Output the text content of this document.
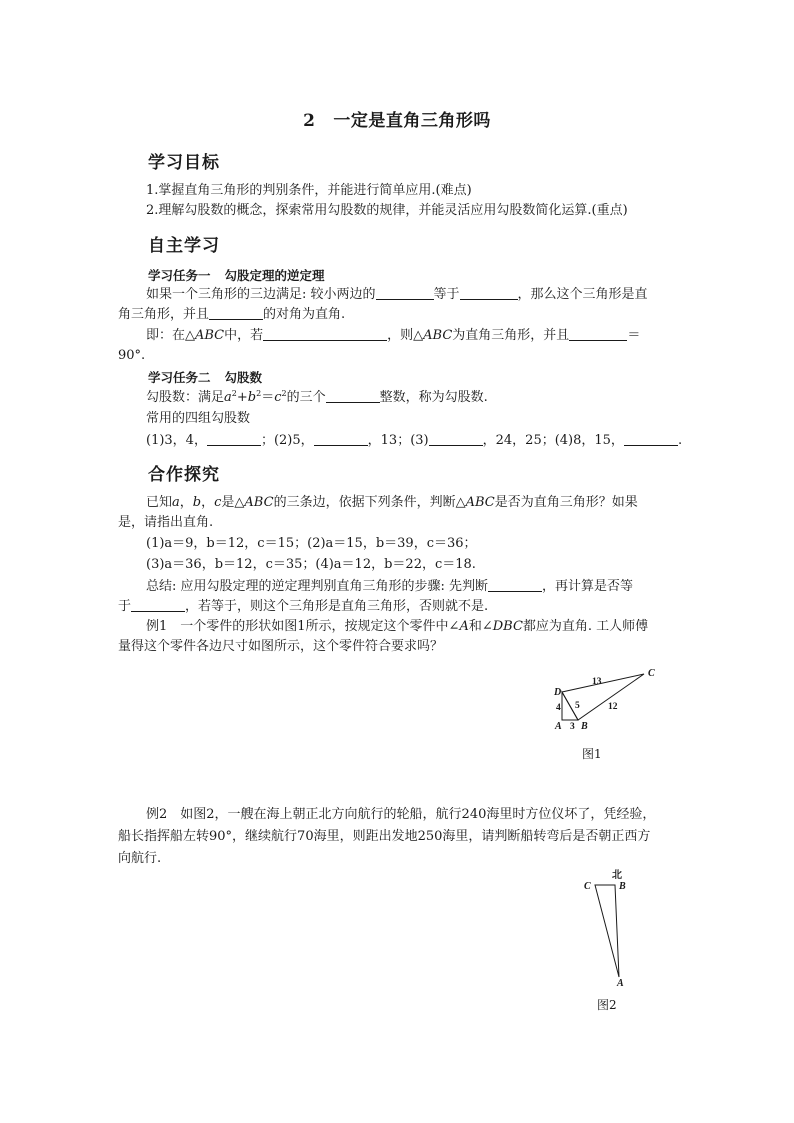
2 一定是直角三角形吗
学习目标
1.掌握直角三角形的判别条件，并能进行简单应用.(难点)
2.理解勾股数的概念，探索常用勾股数的规律，并能灵活应用勾股数简化运算.(重点)
自主学习
学习任务一 勾股定理的逆定理
如果一个三角形的三边满足: 较小两边的	等于	，那么这个三角形是直
角三角形，并且	的对角为直角.
即：在△ABC中，若	，则△ABC为直角三角形，并且	＝
90°.
学习任务二 勾股数
勾股数：满足$a^2+b^2=c^2$的三个	整数，称为勾股数.
常用的四组勾股数
(1)3，4，	；(2)5，	，13；(3)	，24，25；(4)8，15，	.
合作探究
已知a，b，c是△ABC的三条边，依据下列条件，判断△ABC是否为直角三角形？如果
是，请指出直角.
(1)a＝9，b＝12，c＝15；(2)a＝15，b＝39，c＝36；
(3)a＝36，b＝12，c＝35；(4)a＝12，b＝22，c＝18.
总结: 应用勾股定理的逆定理判别直角三角形的步骤: 先判断	，再计算是否等
于	，若等于，则这个三角形是直角三角形，否则就不是.
例1　一个零件的形状如图1所示，按规定这个零件中∠A和∠DBC都应为直角. 工人师傅
量得这个零件各边尺寸如图所示，这个零件符合要求吗？
D
A B
C
4
3
5
13
12
图1
例2　如图2，一艘在海上朝正北方向航行的轮船，航行240海里时方位仪坏了，凭经验，
船长指挥船左转90°，继续航行70海里，则距出发地250海里，请判断船转弯后是否朝正西方
向航行.
C	B
A
北
图2
